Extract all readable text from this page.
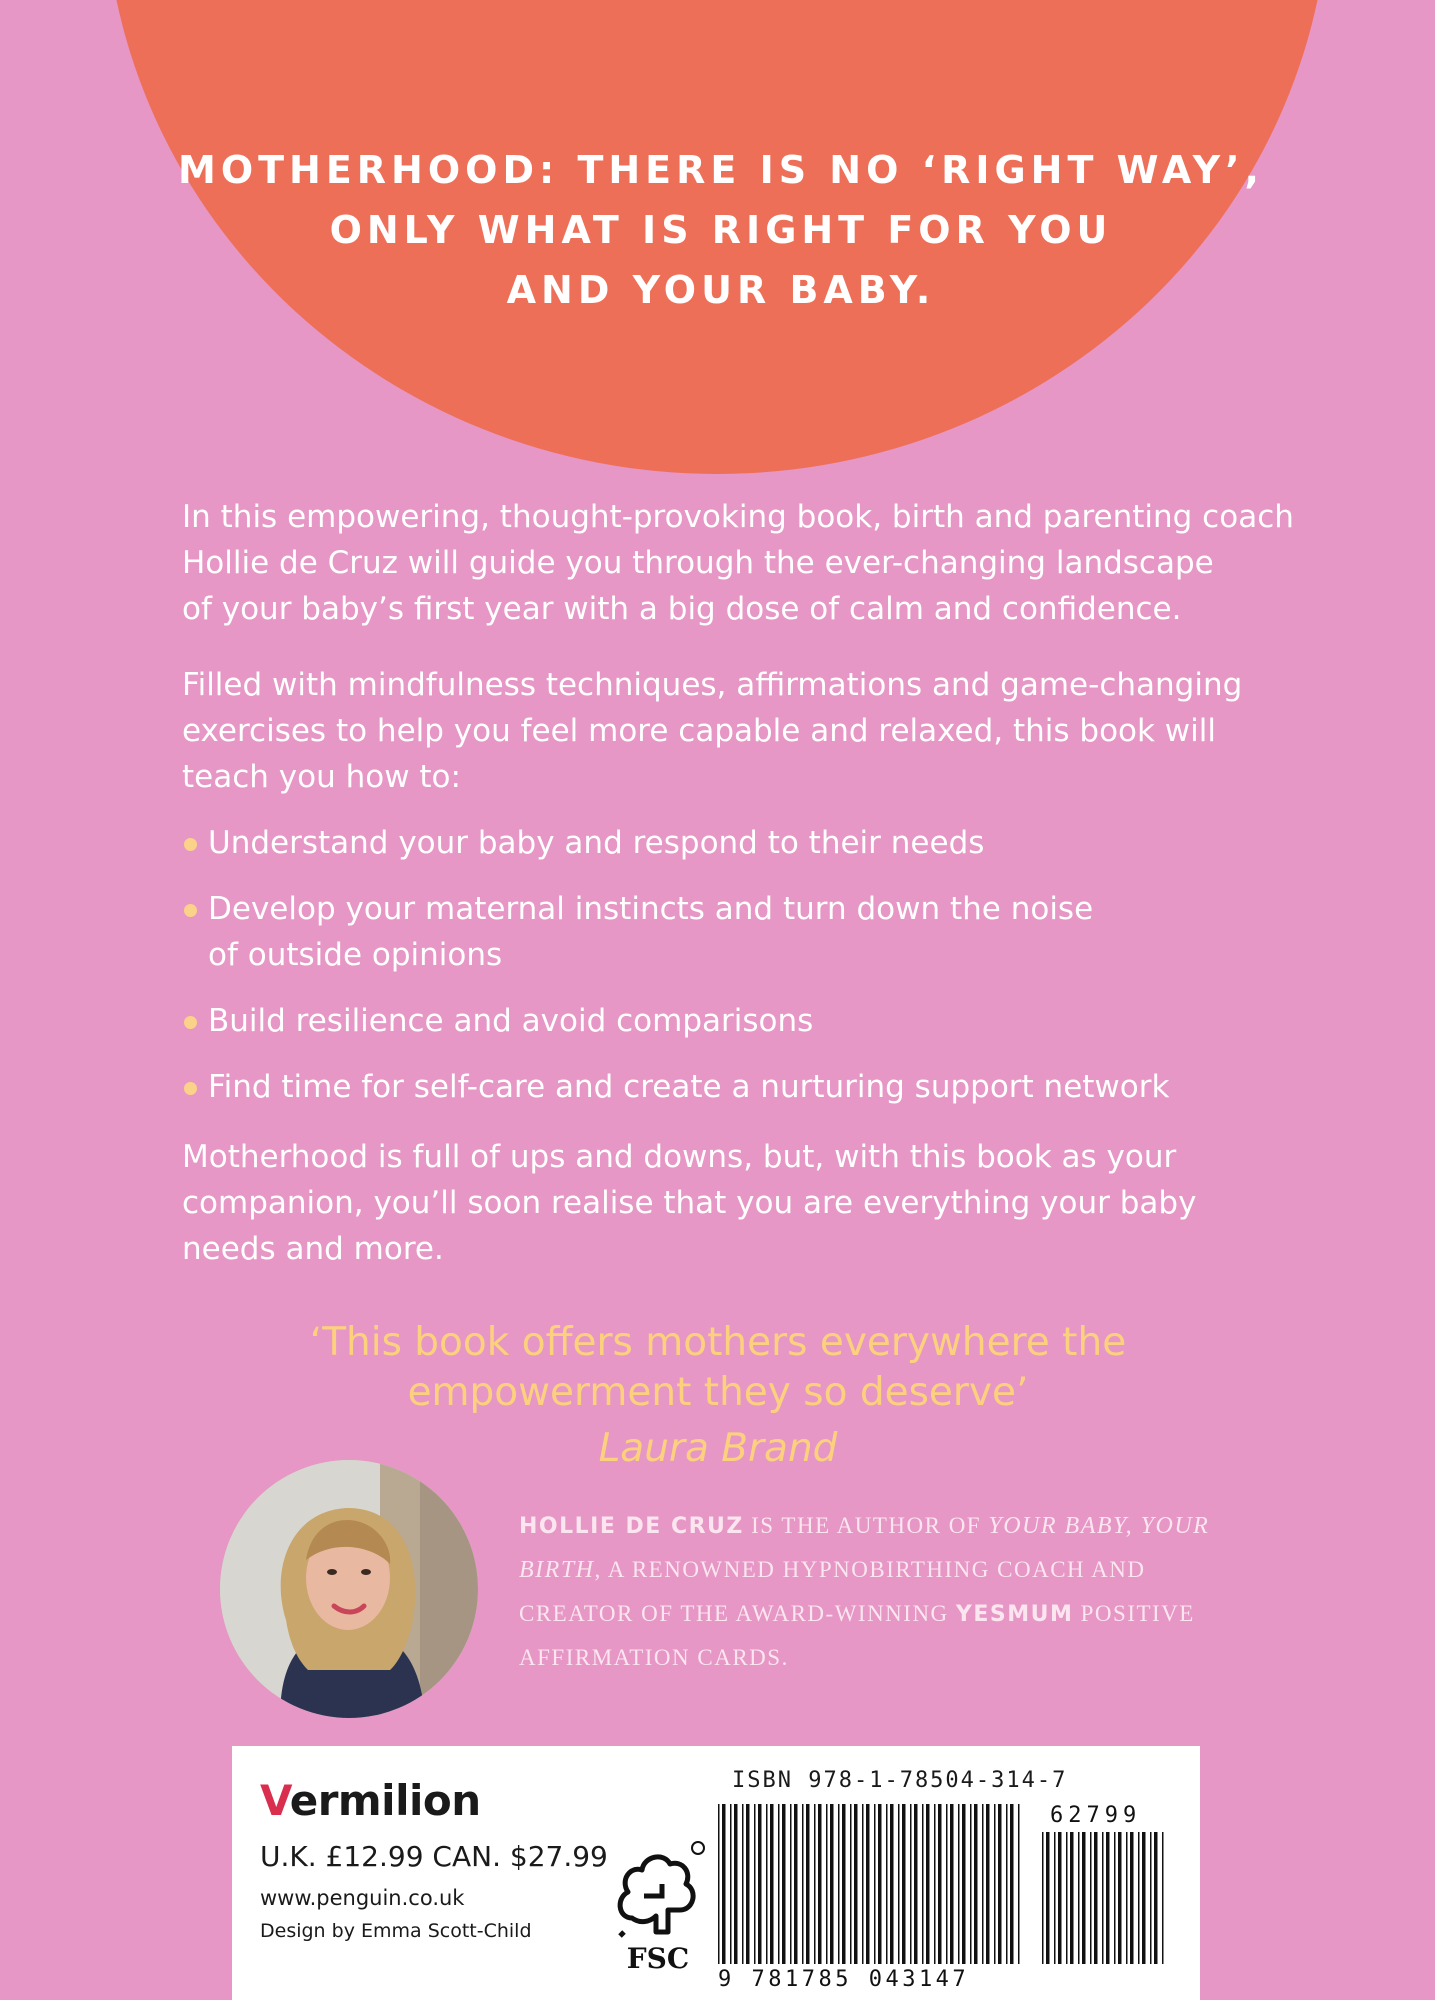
MOTHERHOOD: THERE IS NO ‘RIGHT WAY’,
ONLY WHAT IS RIGHT FOR YOU
AND YOUR BABY.
In this empowering, thought-provoking book, birth and parenting coach
Hollie de Cruz will guide you through the ever-changing landscape
of your baby’s first year with a big dose of calm and confidence.
Filled with mindfulness techniques, affirmations and game-changing
exercises to help you feel more capable and relaxed, this book will
teach you how to:
Understand your baby and respond to their needs
Develop your maternal instincts and turn down the noise
of outside opinions
Build resilience and avoid comparisons
Find time for self-care and create a nurturing support network
Motherhood is full of ups and downs, but, with this book as your
companion, you’ll soon realise that you are everything your baby
needs and more.
‘This book offers mothers everywhere the
empowerment they so deserve’
Laura Brand
HOLLIE DE CRUZ IS THE AUTHOR OF YOUR BABY, YOUR BIRTH, A RENOWNED HYPNOBIRTHING COACH AND CREATOR OF THE AWARD-WINNING YESMUM POSITIVE AFFIRMATION CARDS.
Vermilion
U.K. £12.99 CAN. $27.99
www.penguin.co.uk
Design by Emma Scott-Child
FSC
ISBN 978-1-78504-314-7
9 781785 043147
62799
